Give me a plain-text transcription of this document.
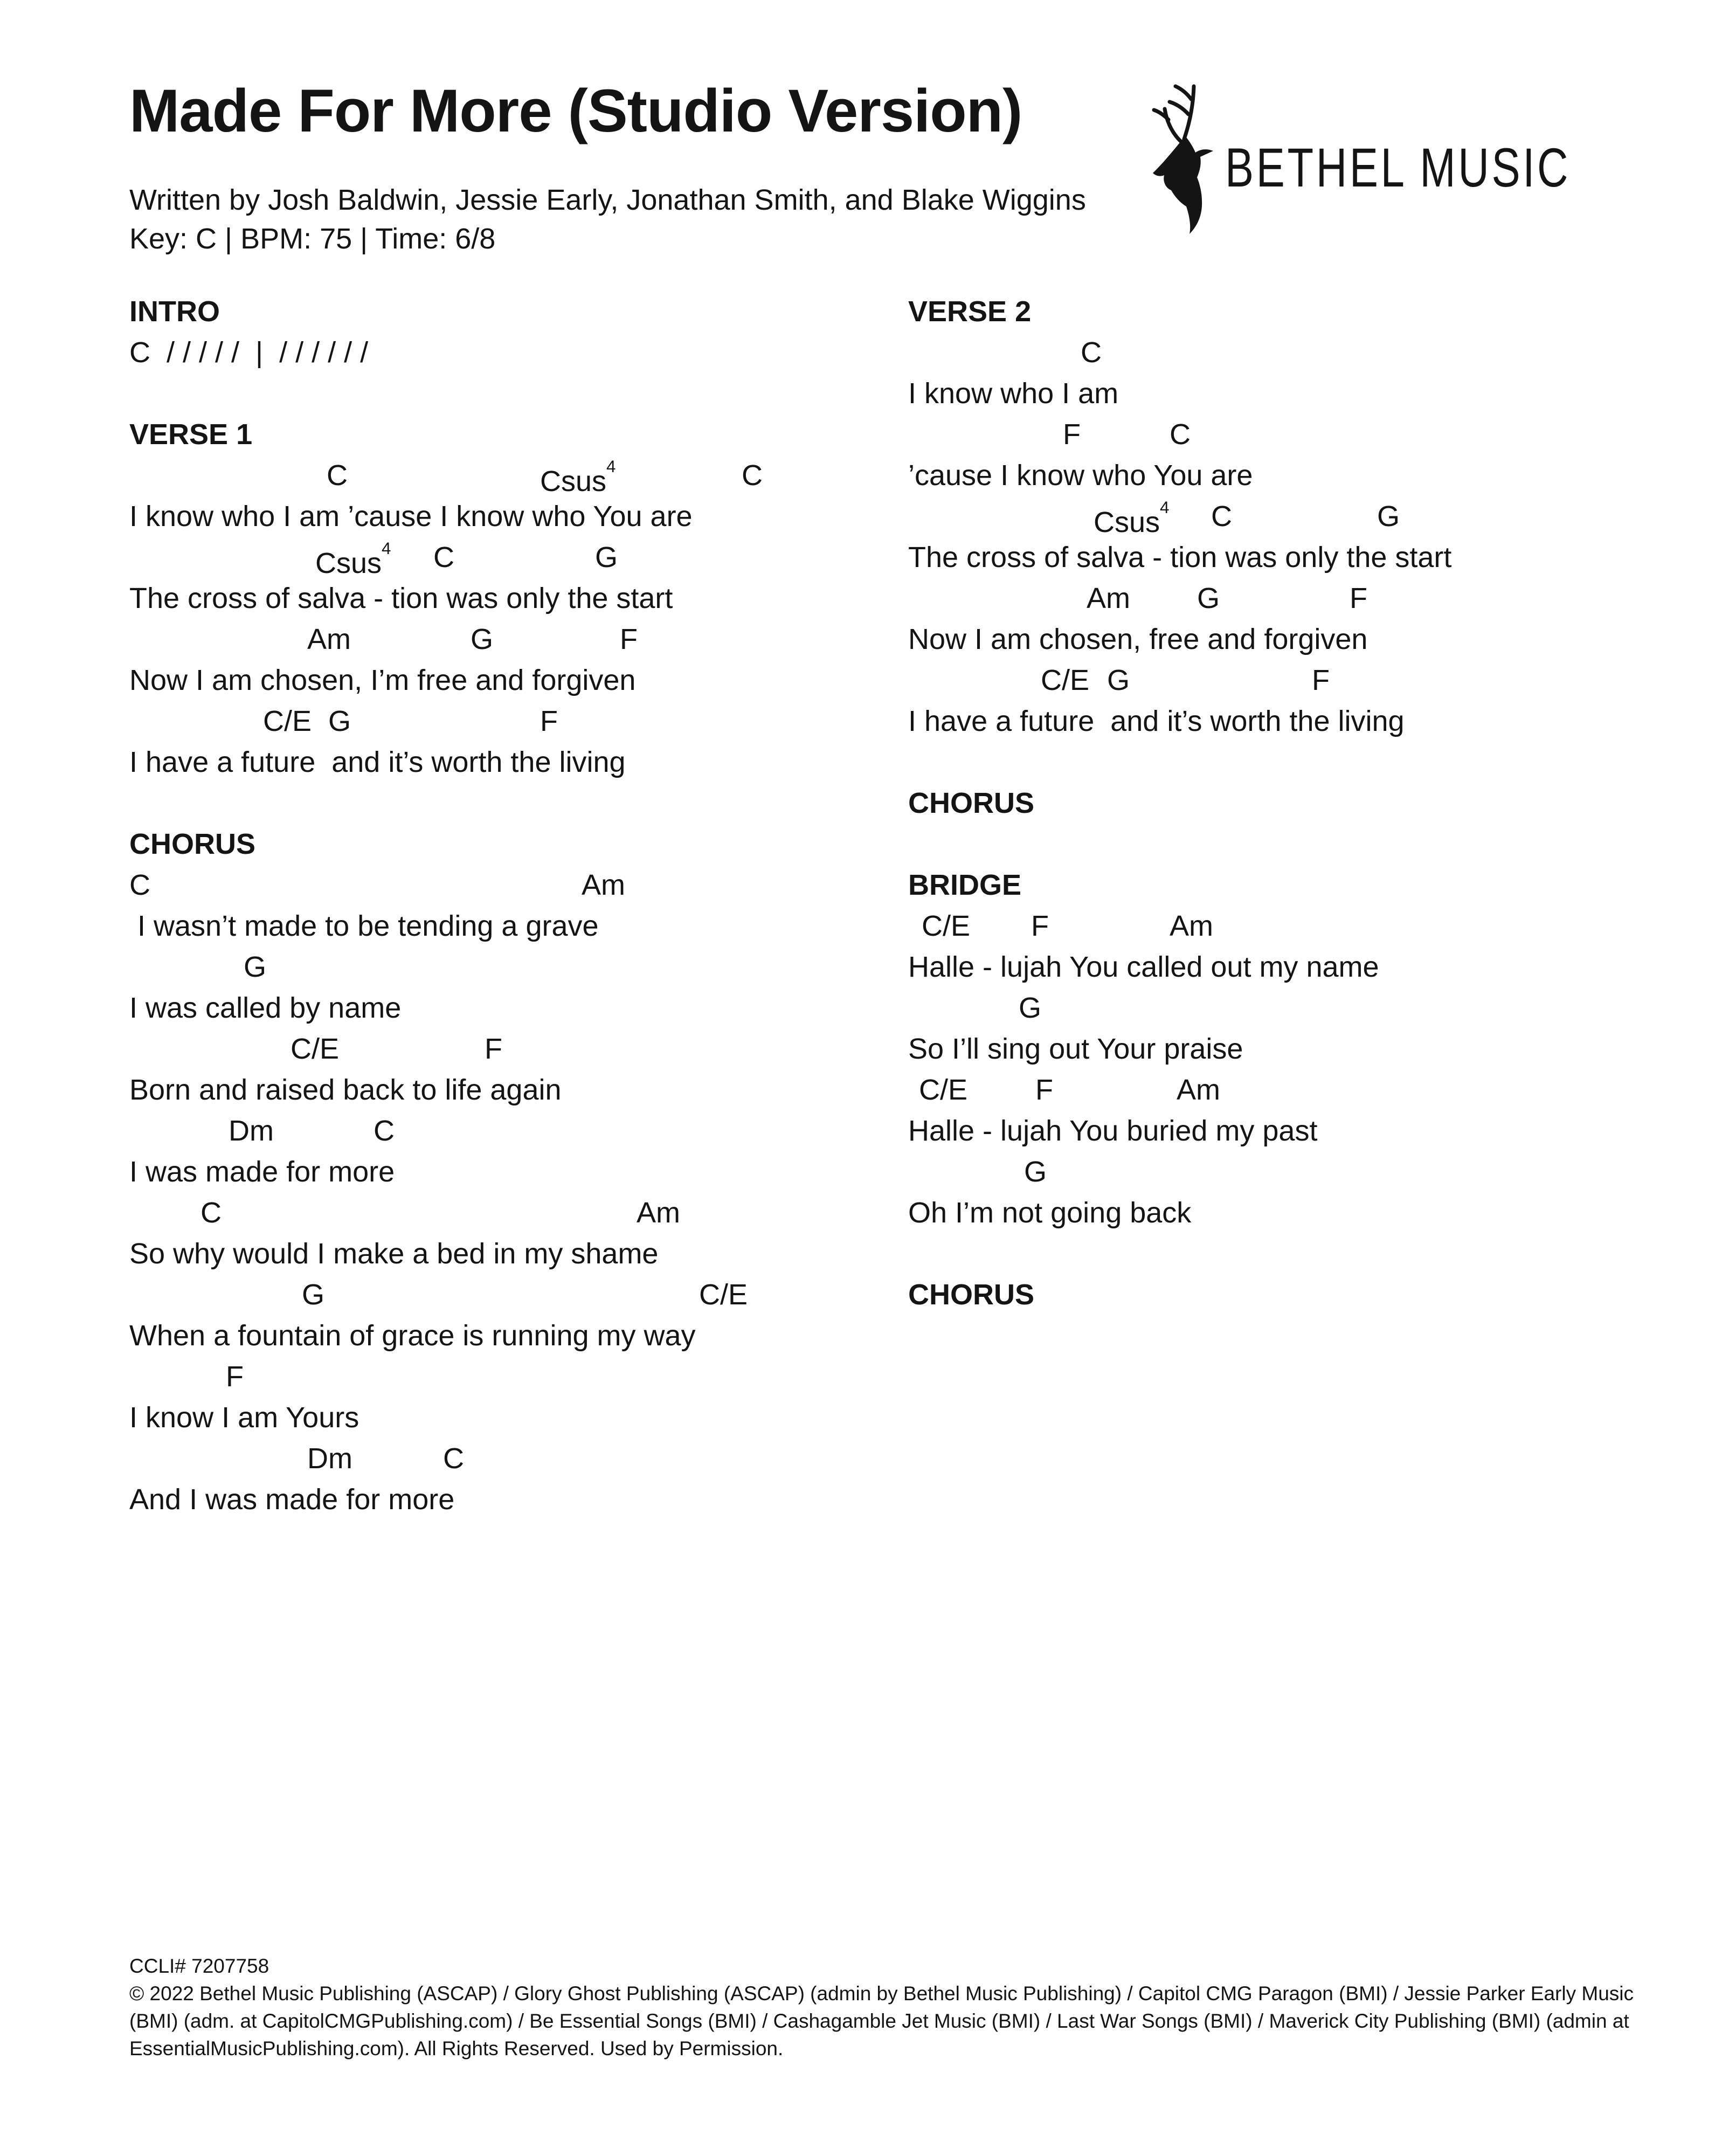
Made For More (Studio Version)
Written by Josh Baldwin, Jessie Early, Jonathan Smith, and Blake Wiggins
Key: C | BPM: 75 | Time: 6/8
BETHEL MUSIC
INTRO
C  / / / / /  |  / / / / / /
VERSE 1
C	Csus$^4$	C
I know who I am ’cause I know who You are
Csus$^4$ C	G
The cross of salva - tion was only the start
Am	G	F
Now I am chosen, I’m free and forgiven
C/E G	F
I have a future  and it’s worth the living
CHORUS
C	Am
I wasn’t made to be tending a grave
G
I was called by name
C/E	F
Born and raised back to life again
Dm	C
I was made for more
C	Am
So why would I make a bed in my shame
G	C/E
When a fountain of grace is running my way
F
I know I am Yours
Dm	C
And I was made for more
VERSE 2
C
I know who I am
F	C
’cause I know who You are
Csus$^4$ C	G
The cross of salva - tion was only the start
Am G	F
Now I am chosen, free and forgiven
C/E G	F
I have a future  and it’s worth the living
CHORUS
BRIDGE
C/E F	Am
Halle - lujah You called out my name
G
So I’ll sing out Your praise
C/E F	Am
Halle - lujah You buried my past
G
Oh I’m not going back
CHORUS
CCLI# 7207758
© 2022 Bethel Music Publishing (ASCAP) / Glory Ghost Publishing (ASCAP) (admin by Bethel Music Publishing) / Capitol CMG Paragon (BMI) / Jessie Parker Early Music
(BMI) (adm. at CapitolCMGPublishing.com) / Be Essential Songs (BMI) / Cashagamble Jet Music (BMI) / Last War Songs (BMI) / Maverick City Publishing (BMI) (admin at
EssentialMusicPublishing.com). All Rights Reserved. Used by Permission.
